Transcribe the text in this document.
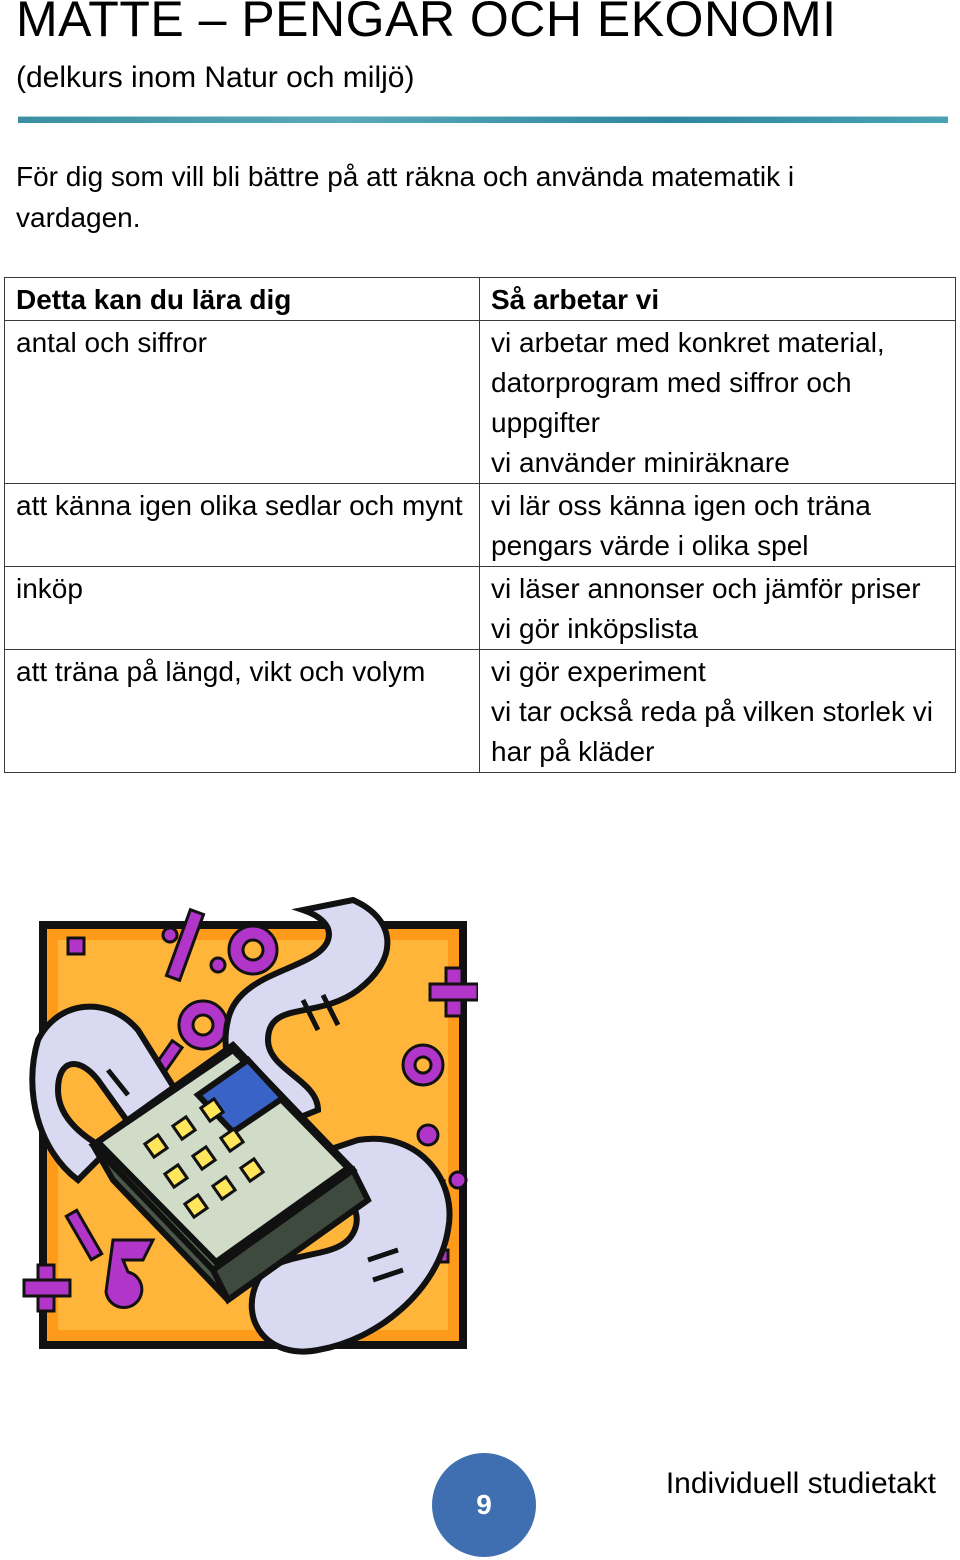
MATTE – PENGAR OCH EKONOMI

(delkurs inom Natur och miljö)

För dig som vill bli bättre på att räkna och använda matematik i vardagen.

Detta kan du lära dig	Så arbetar vi
antal och siffror	vi arbetar med konkret material, datorprogram med siffror och uppgifter
vi använder miniräknare

att känna igen olika sedlar och mynt	vi lär oss känna igen och träna pengars värde i olika spel

inköp	vi läser annonser och jämför priser
vi gör inköpslista

att träna på längd, vikt och volym	vi gör experiment
vi tar också reda på vilken storlek vi har på kläder
9
Individuell studietakt
